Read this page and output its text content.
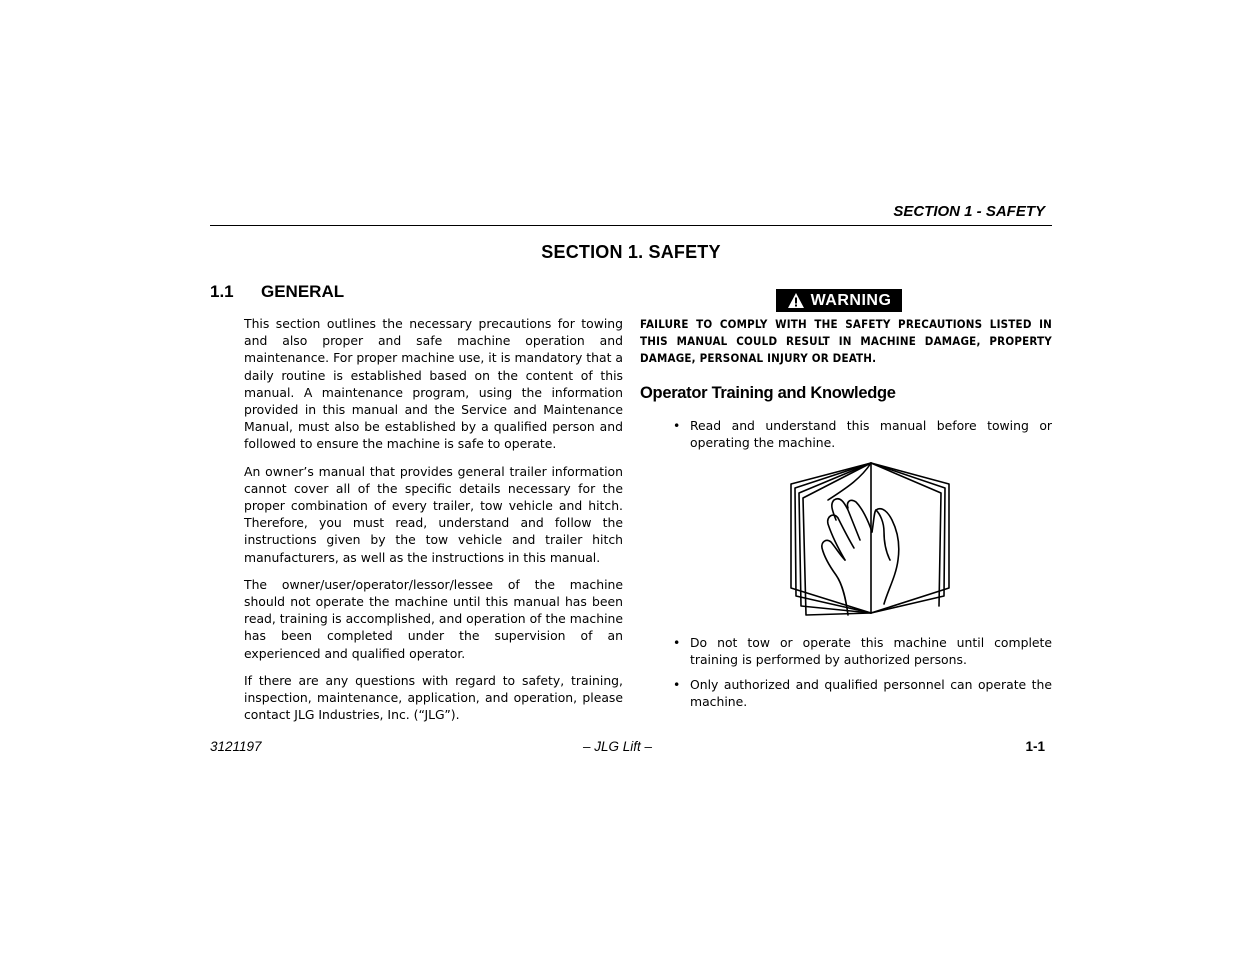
SECTION 1 - SAFETY
SECTION 1. SAFETY
1.1 GENERAL

This section outlines the necessary precautions for towing and also proper and safe machine operation and maintenance. For proper machine use, it is mandatory that a daily routine is established based on the content of this manual. A maintenance program, using the information provided in this manual and the Service and Maintenance Manual, must also be established by a qualified person and followed to ensure the machine is safe to operate.

An owner’s manual that provides general trailer information cannot cover all of the specific details necessary for the proper combination of every trailer, tow vehicle and hitch. Therefore, you must read, understand and follow the instructions given by the tow vehicle and trailer hitch manufacturers, as well as the instructions in this manual.

The owner/user/operator/lessor/lessee of the machine should not operate the machine until this manual has been read, training is accomplished, and operation of the machine has been completed under the supervision of an experienced and qualified operator.

If there are any questions with regard to safety, training, inspection, maintenance, application, and operation, please contact JLG Industries, Inc. (“JLG”).

WARNING
FAILURE TO COMPLY WITH THE SAFETY PRECAUTIONS LISTED IN THIS MANUAL COULD RESULT IN MACHINE DAMAGE, PROPERTY DAMAGE, PERSONAL INJURY OR DEATH.
Operator Training and Knowledge
• Read and understand this manual before towing or operating the machine.
• Do not tow or operate this machine until complete training is performed by authorized persons.
• Only authorized and qualified personnel can operate the machine.
– JLG Lift –
3121197	1-1
